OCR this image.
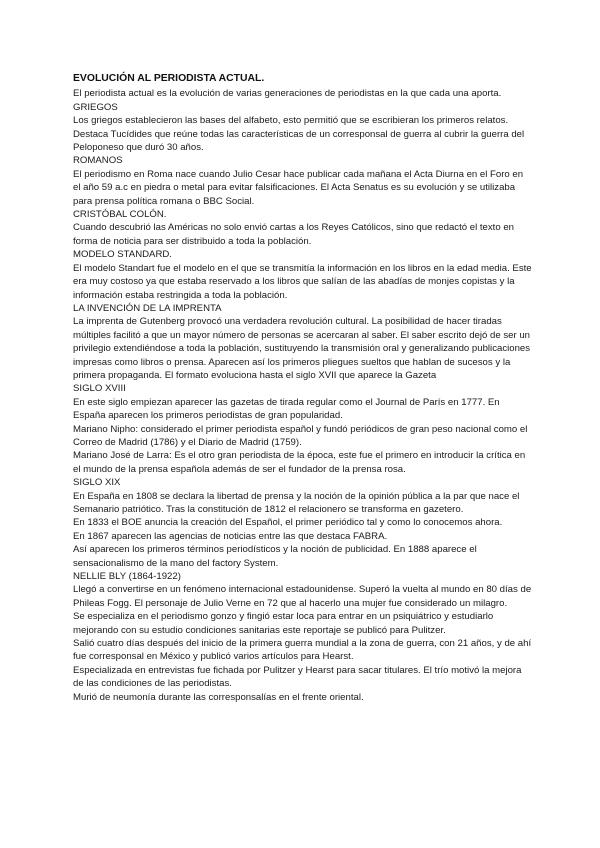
EVOLUCIÓN AL PERIODISTA ACTUAL.

El periodista actual es la evolución de varias generaciones de periodistas en la que cada una aporta.

GRIEGOS

Los griegos establecieron las bases del alfabeto, esto permitió que se escribieran los primeros relatos. Destaca Tucídides que reúne todas las características de un corresponsal de guerra al cubrir la guerra del Peloponeso que duró 30 años.

ROMANOS

El periodismo en Roma nace cuando Julio Cesar hace publicar cada mañana el Acta Diurna en el Foro en el año 59 a.c en piedra o metal para evitar falsificaciones. El Acta Senatus es su evolución y se utilizaba para prensa política romana o BBC Social.

CRISTÓBAL COLÓN.

Cuando descubrió las Américas no solo envió cartas a los Reyes Católicos, sino que redactó el texto en forma de noticia para ser distribuido a toda la población.

MODELO STANDARD.

El modelo Standart fue el modelo en el que se transmitía la información en los libros en la edad media. Este era muy costoso ya que estaba reservado a los libros que salían de las abadías de monjes copistas y la información estaba restringida a toda la población.

LA INVENCIÓN DE LA IMPRENTA

La imprenta de Gutenberg provocó una verdadera revolución cultural. La posibilidad de hacer tiradas múltiples facilitó a que un mayor número de personas se acercaran al saber. El saber escrito dejó de ser un privilegio extendiéndose a toda la población, sustituyendo la transmisión oral y generalizando publicaciones impresas como libros o prensa. Aparecen así los primeros pliegues sueltos que hablan de sucesos y la primera propaganda. El formato evoluciona hasta el siglo XVII que aparece la Gazeta

SIGLO XVIII

En este siglo empiezan aparecer las gazetas de tirada regular como el Journal de París en 1777. En España aparecen los primeros periodistas de gran popularidad.

Mariano Nipho: considerado el primer periodista español y fundó periódicos de gran peso nacional como el Correo de Madrid (1786) y el Diario de Madrid (1759).

Mariano José de Larra: Es el otro gran periodista de la época, este fue el primero en introducir la crítica en el mundo de la prensa española además de ser el fundador de la prensa rosa.

SIGLO XIX

En España en 1808 se declara la libertad de prensa y la noción de la opinión pública a la par que nace el Semanario patriótico. Tras la constitución de 1812 el relacionero se transforma en gazetero.

En 1833 el BOE anuncia la creación del Español, el primer periódico tal y como lo conocemos ahora.

En 1867 aparecen las agencias de noticias entre las que destaca FABRA.

Así aparecen los primeros términos periodísticos y la noción de publicidad. En 1888 aparece el sensacionalismo de la mano del factory System.

NELLIE BLY (1864-1922)

Llegó a convertirse en un fenómeno internacional estadounidense. Superó la vuelta al mundo en 80 días de Phileas Fogg. El personaje de Julio Verne en 72 que al hacerlo una mujer fue considerado un milagro.

Se especializa en el periodismo gonzo y fingió estar loca para entrar en un psiquiátrico y estudiarlo mejorando con su estudio condiciones sanitarias este reportaje se publicó para Pulitzer.

Salió cuatro días después del inicio de la primera guerra mundial a la zona de guerra, con 21 años, y de ahí fue corresponsal en México y publicó varios artículos para Hearst.

Especializada en entrevistas fue fichada por Pulitzer y Hearst para sacar titulares. El trío motivó la mejora de las condiciones de las periodistas.

Murió de neumonía durante las corresponsalías en el frente oriental.
